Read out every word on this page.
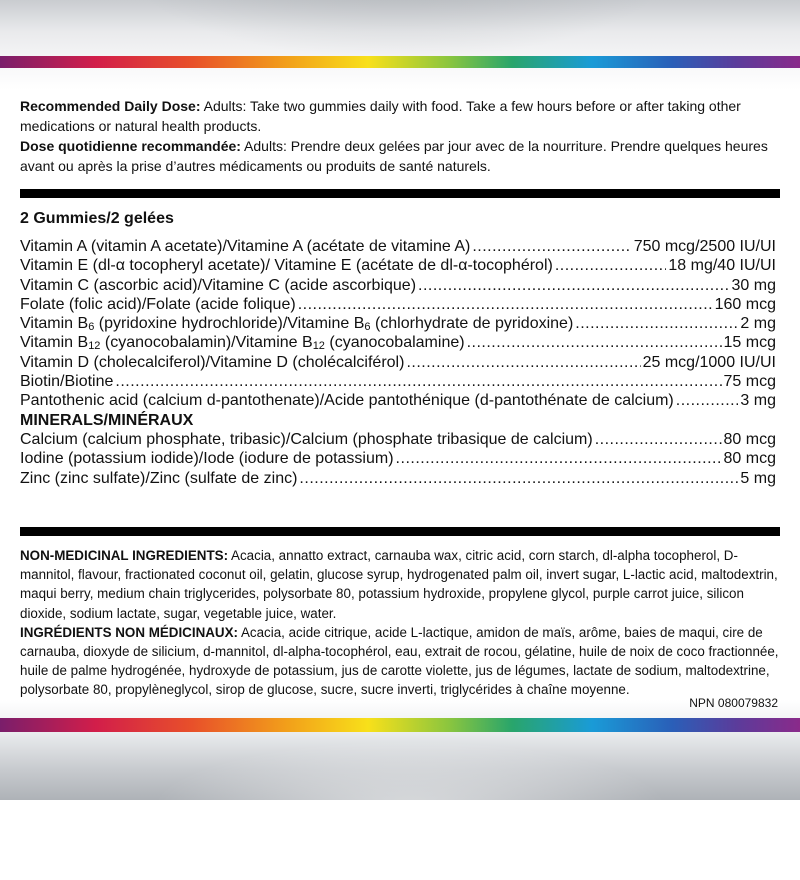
Recommended Daily Dose: Adults: Take two gummies daily with food. Take a few hours before or after taking other medications or natural health products.

Dose quotidienne recommandée: Adults: Prendre deux gelées par jour avec de la nourriture. Prendre quelques heures avant ou après la prise d’autres médicaments ou produits de santé naturels.

2 Gummies/2 gelées
Vitamin A (vitamin A acetate)/Vitamine A (acétate de vitamine A) .....	750 mcg/2500 IU/UI
Vitamin E (dl-α tocopheryl acetate)/ Vitamine E (acétate de dl-α-tocophérol) .....	18 mg/40 IU/UI
Vitamin C (ascorbic acid)/Vitamine C (acide ascorbique) .....	30 mg
Folate (folic acid)/Folate (acide folique) .....	160 mcg
Vitamin $B_6$ (pyridoxine hydrochloride)/Vitamine $B_6$ (chlorhydrate de pyridoxine) .....	2 mg
Vitamin $B_{12}$ (cyanocobalamin)/Vitamine $B_{12}$ (cyanocobalamine) .....	15 mcg
Vitamin D (cholecalciferol)/Vitamine D (cholécalciférol) .....	25 mcg/1000 IU/UI
Biotin/Biotine .....	75 mcg
Pantothenic acid (calcium d-pantothenate)/Acide pantothénique (d-pantothénate de calcium) .....	3 mg
MINERALS/MINÉRAUX
Calcium (calcium phosphate, tribasic)/Calcium (phosphate tribasique de calcium) .....	80 mcg
Iodine (potassium iodide)/Iode (iodure de potassium) .....	80 mcg
Zinc (zinc sulfate)/Zinc (sulfate de zinc) .....	5 mg

NON-MEDICINAL INGREDIENTS: Acacia, annatto extract, carnauba wax, citric acid, corn starch, dl-alpha tocopherol, D-mannitol, flavour, fractionated coconut oil, gelatin, glucose syrup, hydrogenated palm oil, invert sugar, L-lactic acid, maltodextrin, maqui berry, medium chain triglycerides, polysorbate 80, potassium hydroxide, propylene glycol, purple carrot juice, silicon dioxide, sodium lactate, sugar, vegetable juice, water.

INGRÉDIENTS NON MÉDICINAUX: Acacia, acide citrique, acide L-lactique, amidon de maïs, arôme, baies de maqui, cire de carnauba, dioxyde de silicium, d-mannitol, dl-alpha-tocophérol, eau, extrait de rocou, gélatine, huile de noix de coco fractionnée, huile de palme hydrogénée, hydroxyde de potassium, jus de carotte violette, jus de légumes, lactate de sodium, maltodextrine, polysorbate 80, propylèneglycol, sirop de glucose, sucre, sucre inverti, triglycérides à chaîne moyenne.

NPN 080079832
